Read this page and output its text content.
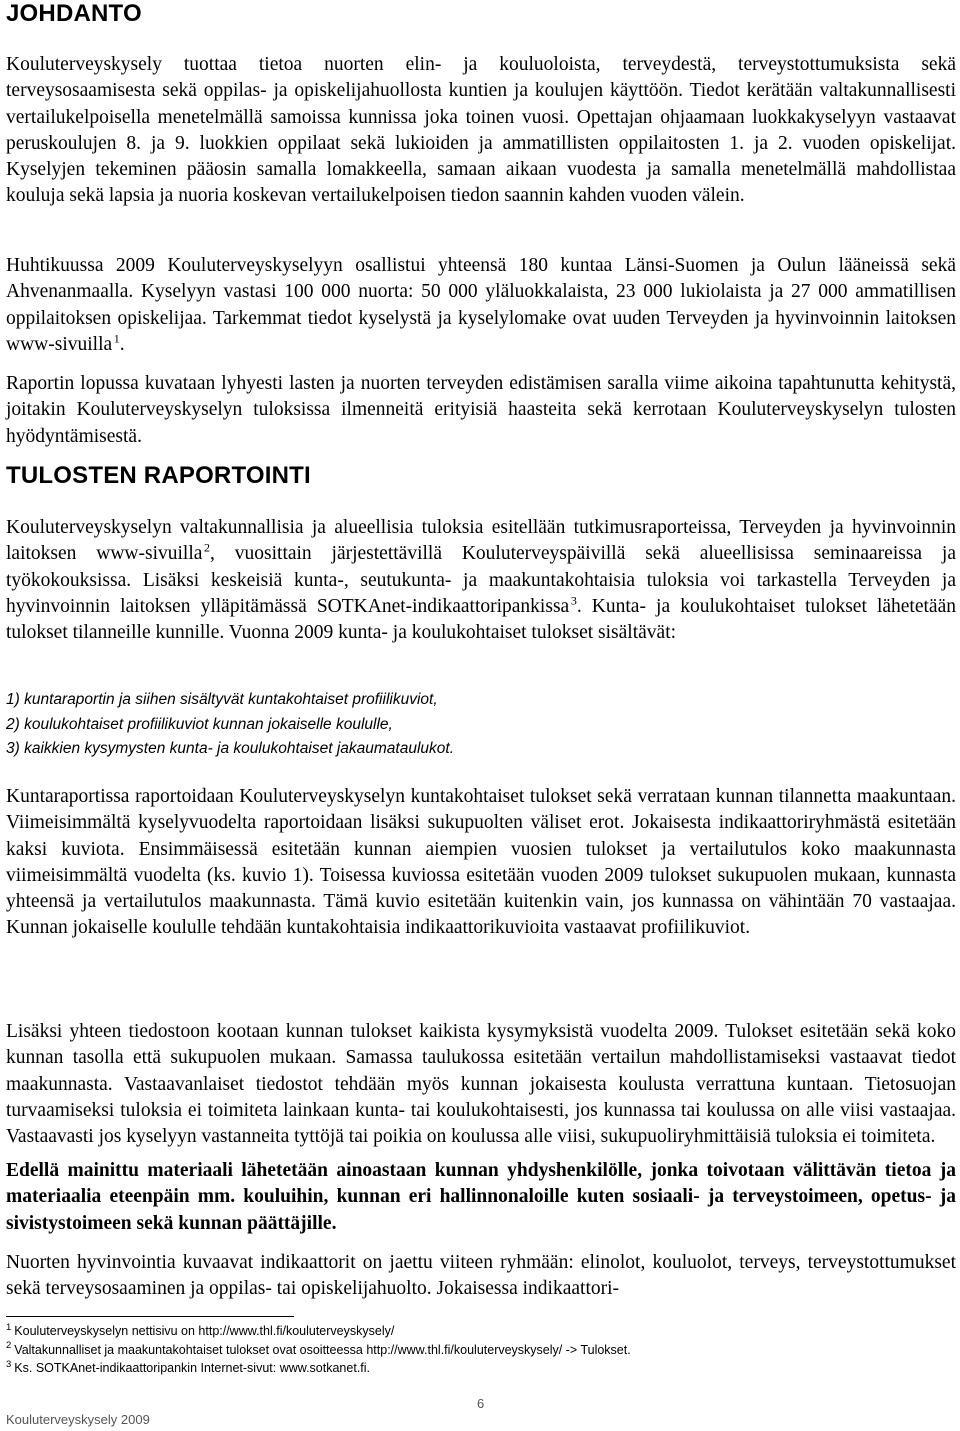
JOHDANTO

Kouluterveyskysely tuottaa tietoa nuorten elin- ja kouluoloista, terveydestä, terveystottumuksista sekä terveysosaamisesta sekä oppilas- ja opiskelijahuollosta kuntien ja koulujen käyttöön. Tiedot kerätään valtakunnallisesti vertailukelpoisella menetelmällä samoissa kunnissa joka toinen vuosi. Opettajan ohjaamaan luokkakyselyyn vastaavat peruskoulujen 8. ja 9. luokkien oppilaat sekä lukioiden ja ammatillisten oppilaitosten 1. ja 2. vuoden opiskelijat. Kyselyjen tekeminen pääosin samalla lomakkeella, samaan aikaan vuodesta ja samalla menetelmällä mahdollistaa kouluja sekä lapsia ja nuoria koskevan vertailukelpoisen tiedon saannin kahden vuoden välein.

Huhtikuussa 2009 Kouluterveyskyselyyn osallistui yhteensä 180 kuntaa Länsi-Suomen ja Oulun lääneissä sekä Ahvenanmaalla. Kyselyyn vastasi 100 000 nuorta: 50 000 yläluokkalaista, 23 000 lukiolaista ja 27 000 ammatillisen oppilaitoksen opiskelijaa. Tarkemmat tiedot kyselystä ja kyselylomake ovat uuden Terveyden ja hyvinvoinnin laitoksen www-sivuilla  $^1$.

Raportin lopussa kuvataan lyhyesti lasten ja nuorten terveyden edistämisen saralla viime aikoina tapahtunutta kehitystä, joitakin Kouluterveyskyselyn tuloksissa ilmenneitä erityisiä haasteita sekä kerrotaan Kouluterveyskyselyn tulosten hyödyntämisestä.

TULOSTEN RAPORTOINTI

Kouluterveyskyselyn valtakunnallisia ja alueellisia tuloksia esitellään tutkimusraporteissa, Terveyden ja hyvinvoinnin laitoksen www-sivuilla  $^2$, vuosittain järjestettävillä Kouluterveyspäivillä sekä alueellisissa seminaareissa ja työkokouksissa. Lisäksi keskeisiä kunta-, seutukunta- ja maakuntakohtaisia tuloksia voi tarkastella Terveyden ja hyvinvoinnin laitoksen ylläpitämässä SOTKAnet-indikaattoripankissa  $^3$. Kunta- ja koulukohtaiset tulokset lähetetään tulokset tilanneille kunnille. Vuonna 2009 kunta- ja koulukohtaiset tulokset sisältävät:

1) kuntaraportin ja siihen sisältyvät kuntakohtaiset profiilikuviot,
2) koulukohtaiset profiilikuviot kunnan jokaiselle koululle,
3) kaikkien kysymysten kunta- ja koulukohtaiset jakaumataulukot.

Kuntaraportissa raportoidaan Kouluterveyskyselyn kuntakohtaiset tulokset sekä verrataan kunnan tilannetta maakuntaan. Viimeisimmältä kyselyvuodelta raportoidaan lisäksi sukupuolten väliset erot. Jokaisesta indikaattoriryhmästä esitetään kaksi kuviota. Ensimmäisessä esitetään kunnan aiempien vuosien tulokset ja vertailutulos koko maakunnasta viimeisimmältä vuodelta (ks. kuvio 1). Toisessa kuviossa esitetään vuoden 2009 tulokset sukupuolen mukaan, kunnasta yhteensä ja vertailutulos maakunnasta. Tämä kuvio esitetään kuitenkin vain, jos kunnassa on vähintään 70 vastaajaa. Kunnan jokaiselle koululle tehdään kuntakohtaisia indikaattorikuvioita vastaavat profiilikuviot.

Lisäksi yhteen tiedostoon kootaan kunnan tulokset kaikista kysymyksistä vuodelta 2009. Tulokset esitetään sekä koko kunnan tasolla että sukupuolen mukaan. Samassa taulukossa esitetään vertailun mahdollistamiseksi vastaavat tiedot maakunnasta. Vastaavanlaiset tiedostot tehdään myös kunnan jokaisesta koulusta verrattuna kuntaan. Tietosuojan turvaamiseksi tuloksia ei toimiteta lainkaan kunta- tai koulukohtaisesti, jos kunnassa tai koulussa on alle viisi vastaajaa. Vastaavasti jos kyselyyn vastanneita tyttöjä tai poikia on koulussa alle viisi, sukupuoliryhmittäisiä tuloksia ei toimiteta.

Edellä mainittu materiaali lähetetään ainoastaan kunnan yhdyshenkilölle, jonka toivotaan välittävän tietoa ja materiaalia eteenpäin mm. kouluihin, kunnan eri hallinnonaloille kuten sosiaali- ja terveystoimeen, opetus- ja sivistystoimeen sekä kunnan päättäjille.

Nuorten hyvinvointia kuvaavat indikaattorit on jaettu viiteen ryhmään: elinolot, kouluolot, terveys, terveystottumukset sekä terveysosaaminen ja oppilas- tai opiskelijahuolto. Jokaisessa indikaattori-

$^1$ Kouluterveyskyselyn nettisivu on http://www.thl.fi/kouluterveyskysely/
$^2$ Valtakunnalliset ja maakuntakohtaiset tulokset ovat osoitteessa http://www.thl.fi/kouluterveyskysely/ -> Tulokset.
$^3$ Ks. SOTKAnet-indikaattoripankin Internet-sivut: www.sotkanet.fi.
6
Kouluterveyskysely 2009
